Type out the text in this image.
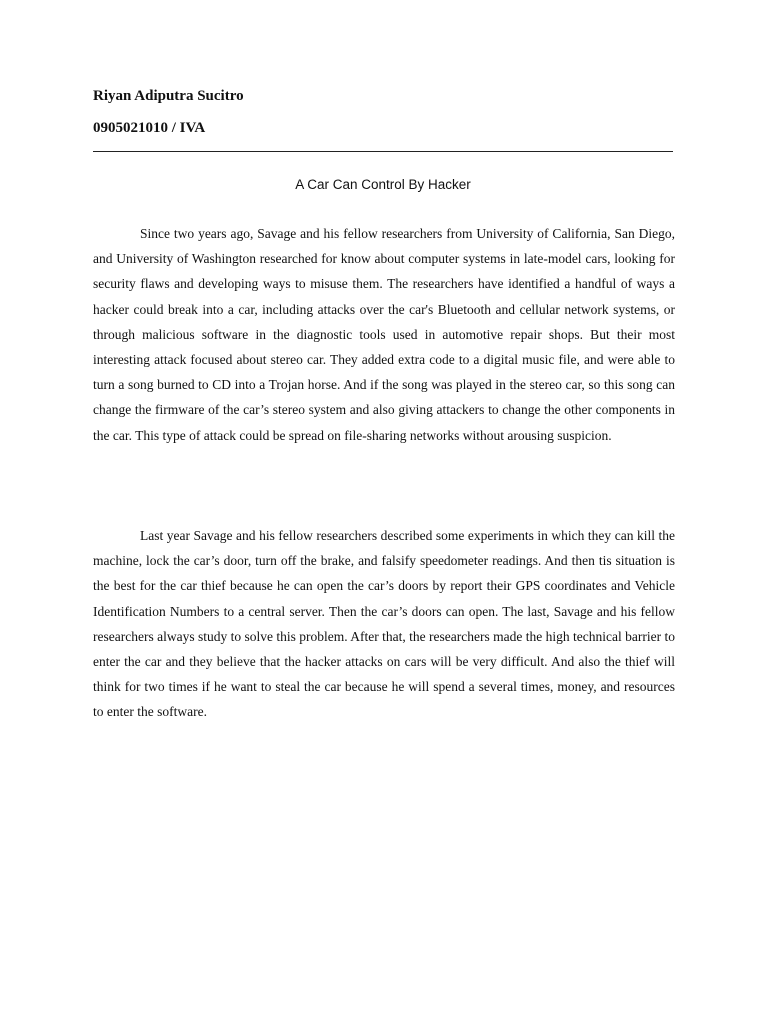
Riyan Adiputra Sucitro
0905021010 / IVA
A Car Can Control By Hacker

Since two years ago, Savage and his fellow researchers from University of California, San Diego, and University of Washington researched for know about computer systems in late-model cars, looking for security flaws and developing ways to misuse them. The researchers have identified a handful of ways a hacker could break into a car, including attacks over the car's Bluetooth and cellular network systems, or through malicious software in the diagnostic tools used in automotive repair shops. But their most interesting attack focused about stereo car. They added extra code to a digital music file, and were able to turn a song burned to CD into a Trojan horse. And if the song was played in the stereo car, so this song can change the firmware of the car’s stereo system and also giving attackers to change the other components in the car. This type of attack could be spread on file-sharing networks without arousing suspicion.

Last year Savage and his fellow researchers described some experiments in which they can kill the machine, lock the car’s door, turn off the brake, and falsify speedometer readings. And then tis situation is the best for the car thief because he can open the car’s doors by report their GPS coordinates and Vehicle Identification Numbers to a central server. Then the car’s doors can open. The last, Savage and his fellow researchers always study to solve this problem. After that, the researchers made the high technical barrier to enter the car and they believe that the hacker attacks on cars will be very difficult. And also the thief will think for two times if he want to steal the car because he will spend a several times, money, and resources to enter the software.
